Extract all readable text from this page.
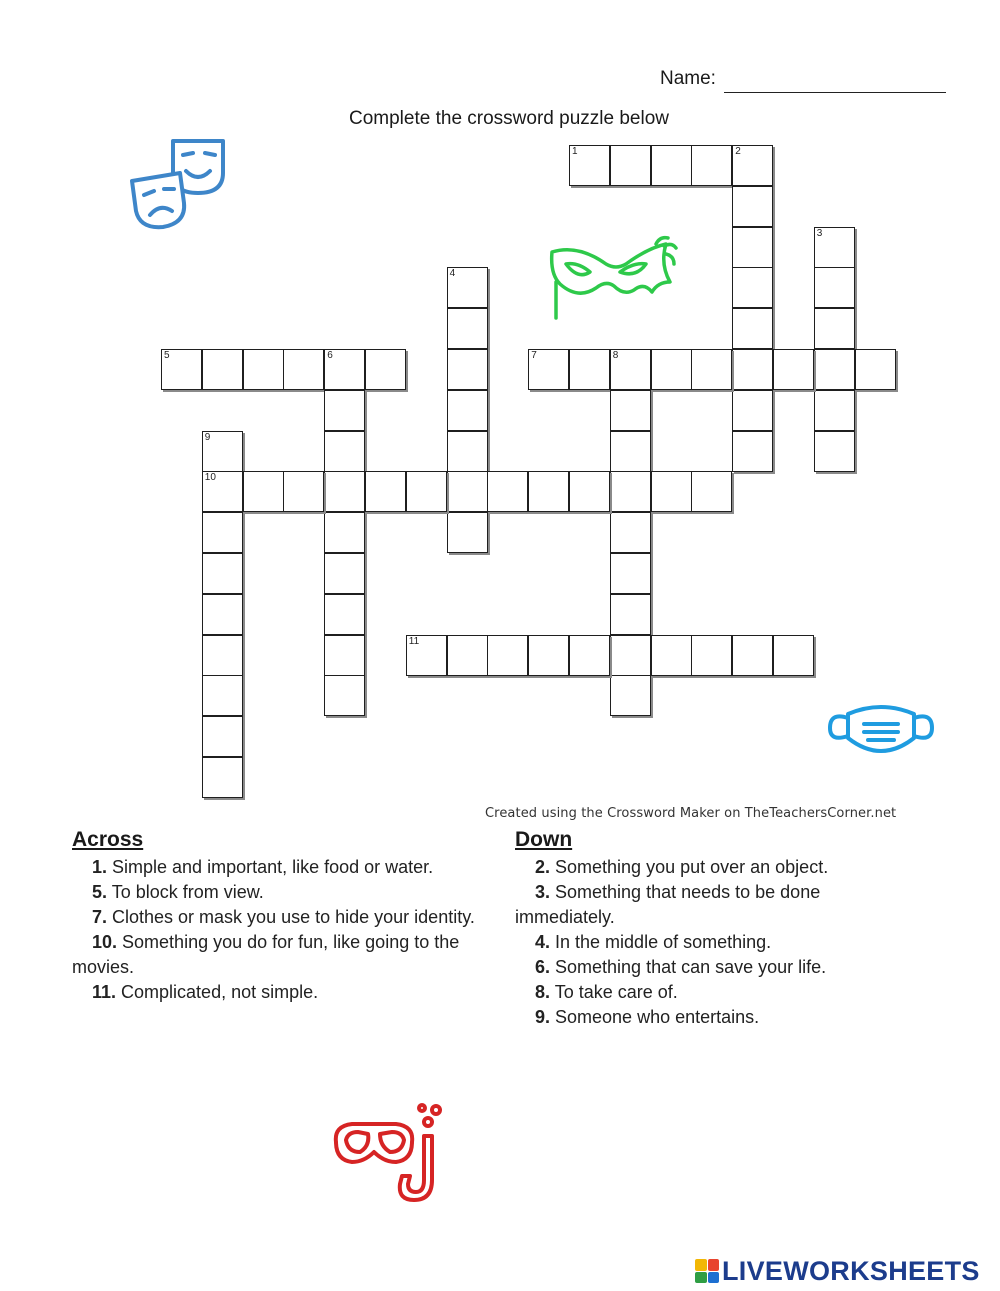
Name:
Complete the crossword puzzle below
1	2
3
4
5	6	7	8
9
10
11
Created using the Crossword Maker on TheTeachersCorner.net
Across
1. Simple and important, like food or water.
5. To block from view.
7. Clothes or mask you use to hide your identity.
10. Something you do for fun, like going to the movies.
11. Complicated, not simple.
Down
2. Something you put over an object.
3. Something that needs to be done immediately.
4. In the middle of something.
6. Something that can save your life.
8. To take care of.
9. Someone who entertains.
LIVEWORKSHEETS
